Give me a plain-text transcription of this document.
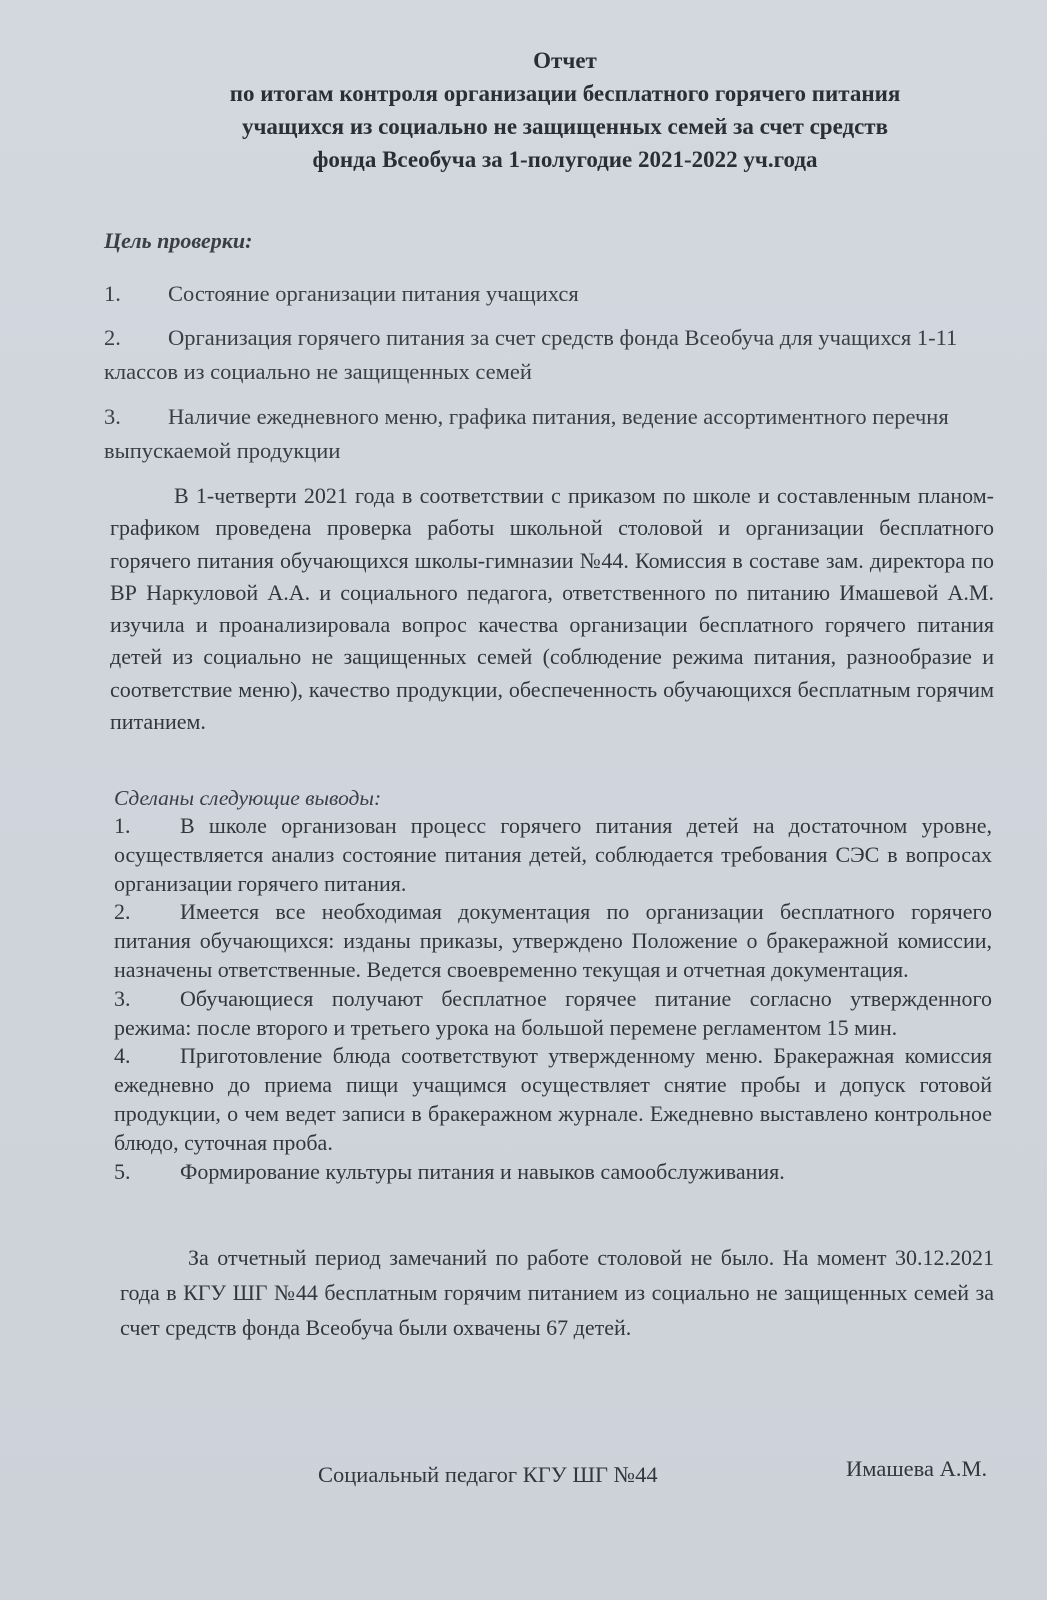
Отчет
по итогам контроля организации бесплатного горячего питания
учащихся из социально не защищенных семей за счет средств
фонда Всеобуча за 1-полугодие 2021-2022 уч.года
Цель проверки:
1. Состояние организации питания учащихся
2. Организация горячего питания за счет средств фонда Всеобуча для учащихся 1-11 классов из социально не защищенных семей
3. Наличие ежедневного меню, графика питания, ведение ассортиментного перечня выпускаемой продукции
В 1-четверти 2021 года в соответствии с приказом по школе и составленным планом-графиком проведена проверка работы школьной столовой и организации бесплатного горячего питания обучающихся школы-гимназии №44. Комиссия в составе зам. директора по ВР Наркуловой А.А. и социального педагога, ответственного по питанию Имашевой А.М. изучила и проанализировала вопрос качества организации бесплатного горячего питания детей из социально не защищенных семей (соблюдение режима питания, разнообразие и соответствие меню), качество продукции, обеспеченность обучающихся бесплатным горячим питанием.
Сделаны следующие выводы:
1. В школе организован процесс горячего питания детей на достаточном уровне, осуществляется анализ состояние питания детей, соблюдается требования СЭС в вопросах организации горячего питания.
2. Имеется все необходимая документация по организации бесплатного горячего питания обучающихся: изданы приказы, утверждено Положение о бракеражной комиссии, назначены ответственные. Ведется своевременно текущая и отчетная документация.
3. Обучающиеся получают бесплатное горячее питание согласно утвержденного режима: после второго и третьего урока на большой перемене регламентом 15 мин.
4. Приготовление блюда соответствуют утвержденному меню. Бракеражная комиссия ежедневно до приема пищи учащимся осуществляет снятие пробы и допуск готовой продукции, о чем ведет записи в бракеражном журнале. Ежедневно выставлено контрольное блюдо, суточная проба.
5. Формирование культуры питания и навыков самообслуживания.
За отчетный период замечаний по работе столовой не было. На момент 30.12.2021 года в КГУ ШГ №44 бесплатным горячим питанием из социально не защищенных семей за счет средств фонда Всеобуча были охвачены 67 детей.
Социальный педагог КГУ ШГ №44	Имашева А.М.
